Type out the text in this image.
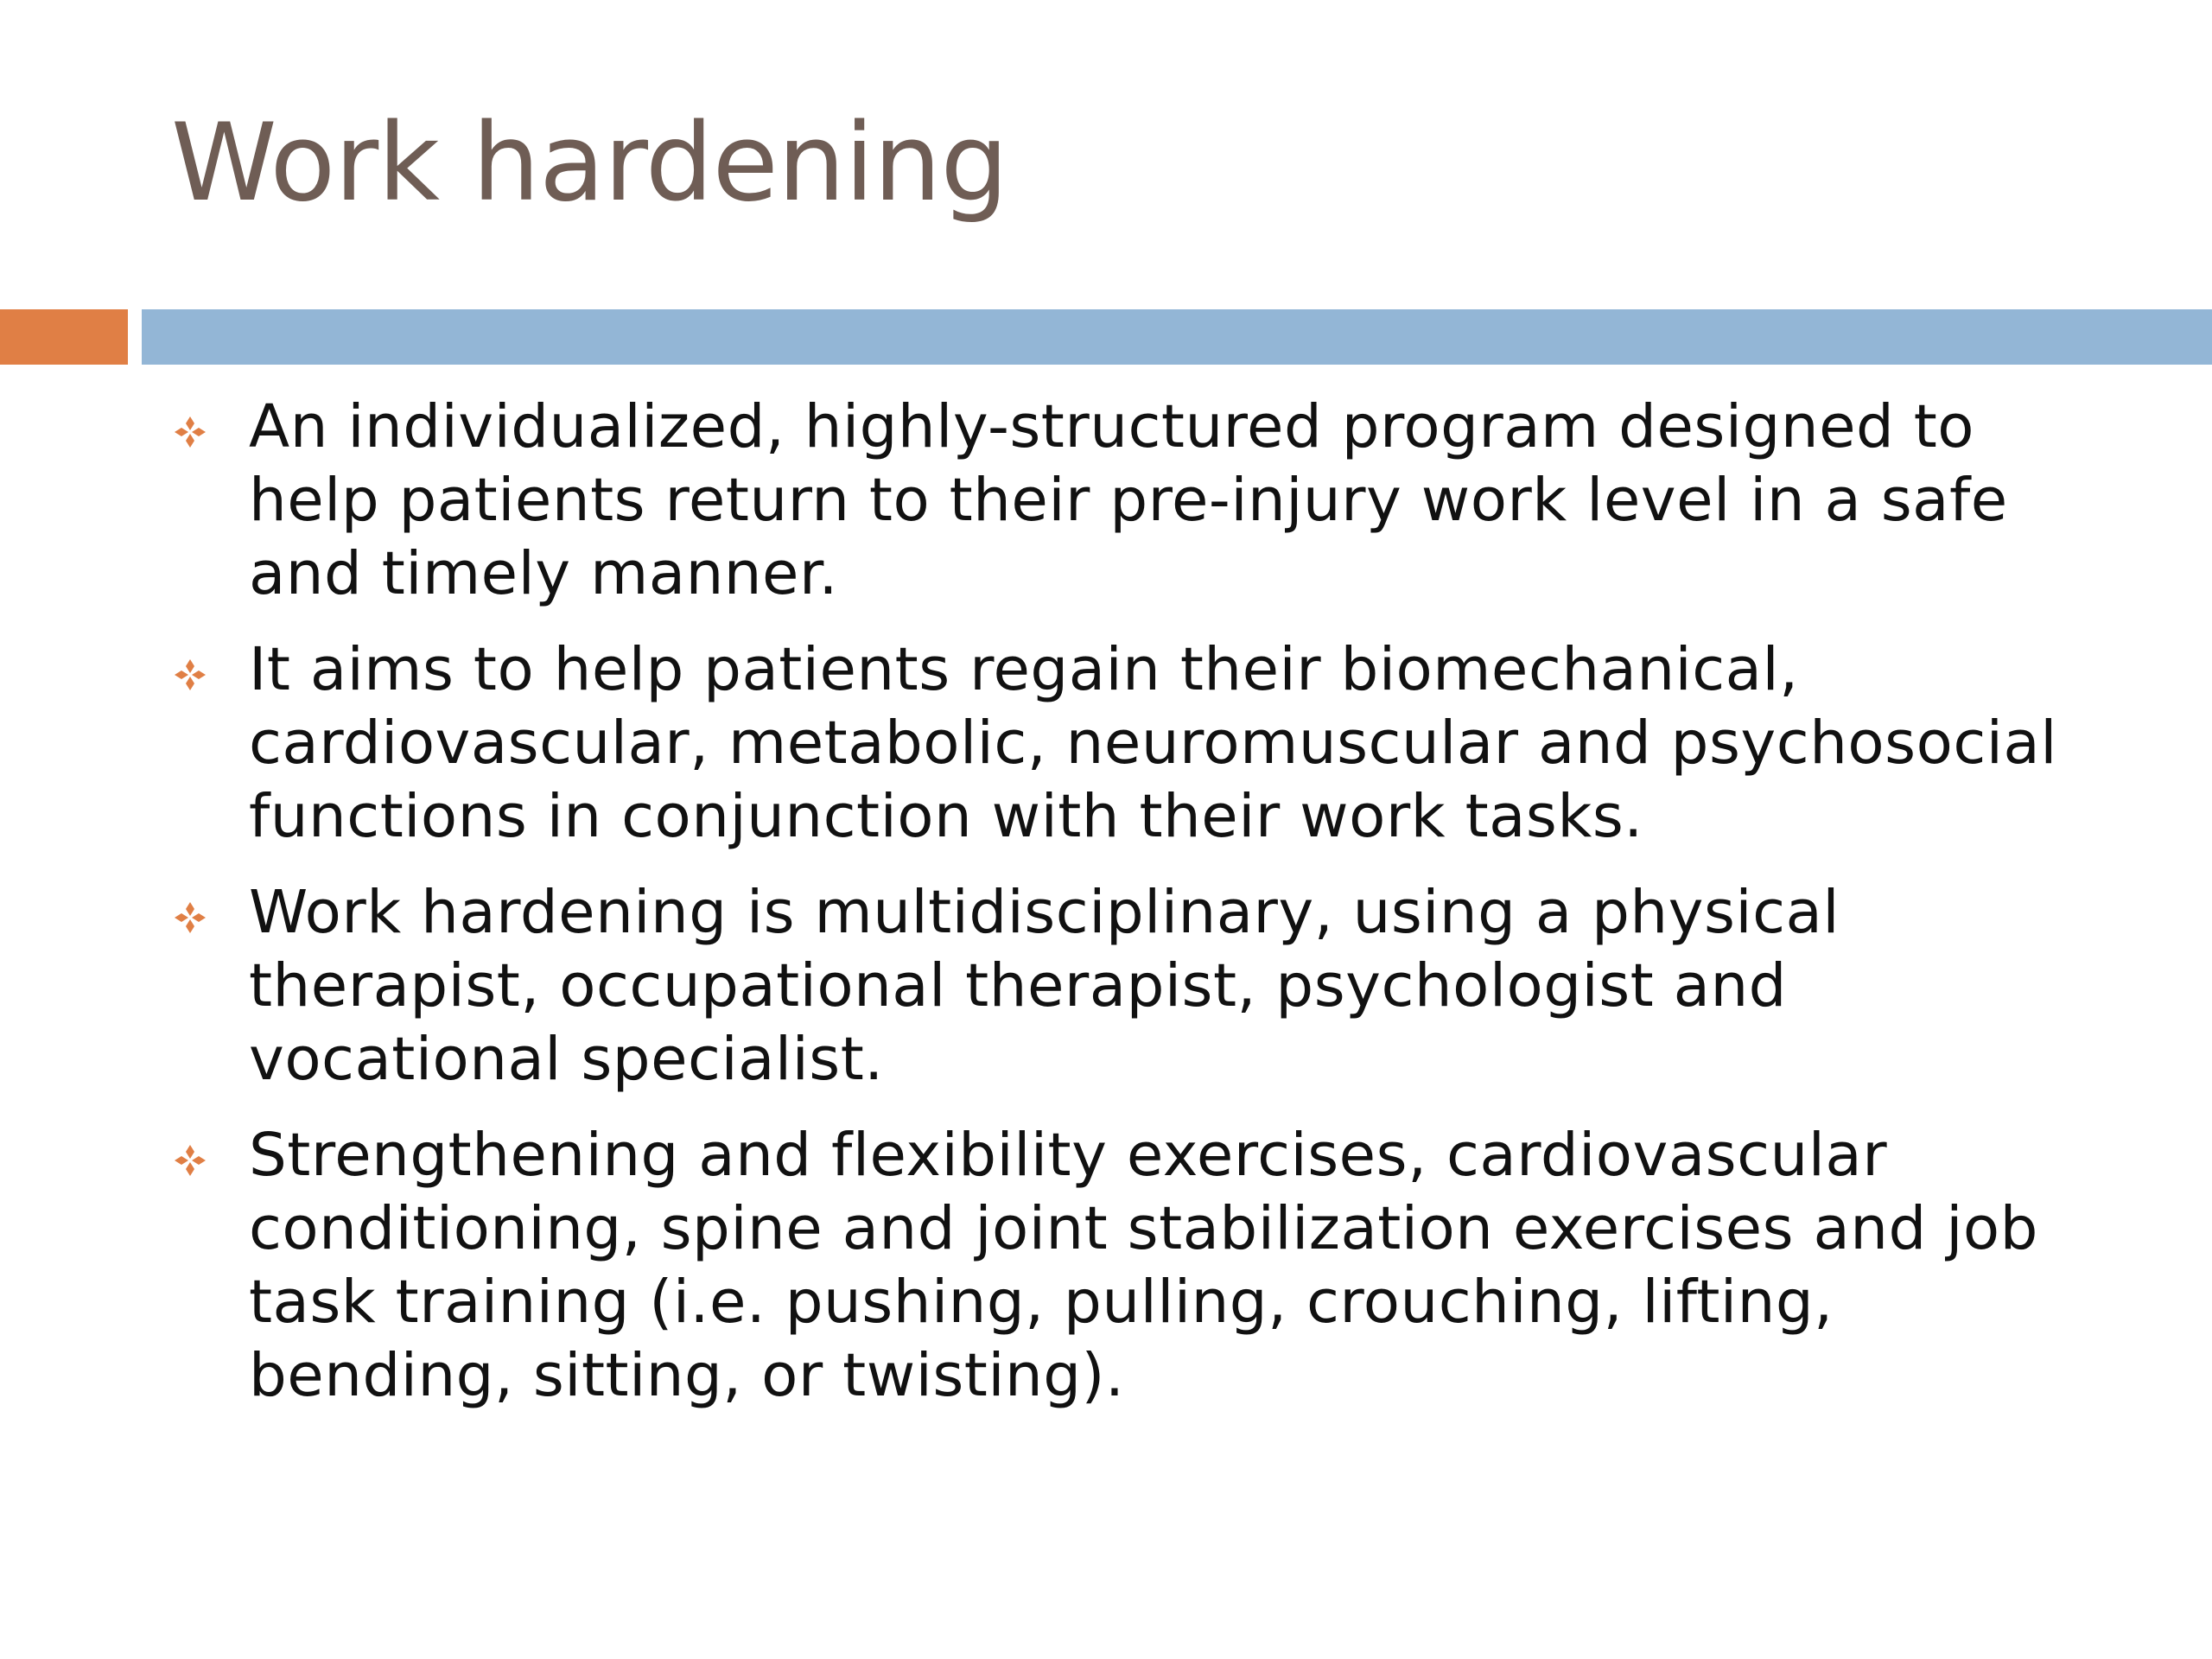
Work hardening
An individualized, highly-structured program designed to help patients return to their pre-injury work level in a safe and timely manner.
It aims to help patients regain their biomechanical, cardiovascular, metabolic, neuromuscular and psychosocial functions in conjunction with their work tasks.
Work hardening is multidisciplinary, using a physical therapist, occupational therapist, psychologist and vocational specialist.
Strengthening and flexibility exercises, cardiovascular conditioning, spine and joint stabilization exercises and job task training (i.e. pushing, pulling, crouching, lifting, bending, sitting, or twisting).
